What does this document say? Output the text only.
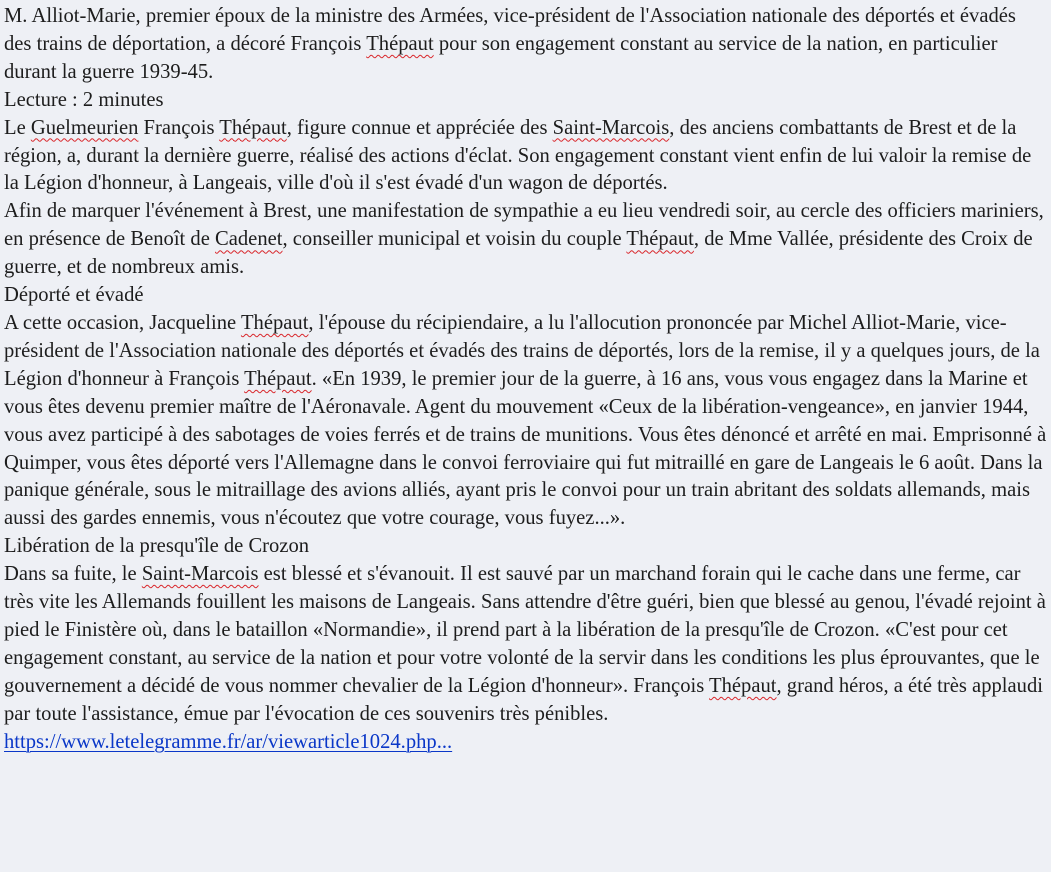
M. Alliot-Marie, premier époux de la ministre des Armées, vice-président de l'Association nationale des déportés et évadés des trains de déportation, a décoré François Thépaut pour son engagement constant au service de la nation, en particulier durant la guerre 1939-45.

Lecture : 2 minutes

Le Guelmeurien François Thépaut, figure connue et appréciée des Saint-Marcois, des anciens combattants de Brest et de la région, a, durant la dernière guerre, réalisé des actions d'éclat. Son engagement constant vient enfin de lui valoir la remise de la Légion d'honneur, à Langeais, ville d'où il s'est évadé d'un wagon de déportés.

Afin de marquer l'événement à Brest, une manifestation de sympathie a eu lieu vendredi soir, au cercle des officiers mariniers, en présence de Benoît de Cadenet, conseiller municipal et voisin du couple Thépaut, de Mme Vallée, présidente des Croix de guerre, et de nombreux amis.

Déporté et évadé

A cette occasion, Jacqueline Thépaut, l'épouse du récipiendaire, a lu l'allocution prononcée par Michel Alliot-Marie, vice-président de l'Association nationale des déportés et évadés des trains de déportés, lors de la remise, il y a quelques jours, de la Légion d'honneur à François Thépaut. «En 1939, le premier jour de la guerre, à 16 ans, vous vous engagez dans la Marine et vous êtes devenu premier maître de l'Aéronavale. Agent du mouvement «Ceux de la libération-vengeance», en janvier 1944, vous avez participé à des sabotages de voies ferrés et de trains de munitions. Vous êtes dénoncé et arrêté en mai. Emprisonné à Quimper, vous êtes déporté vers l'Allemagne dans le convoi ferroviaire qui fut mitraillé en gare de Langeais le 6 août. Dans la panique générale, sous le mitraillage des avions alliés, ayant pris le convoi pour un train abritant des soldats allemands, mais aussi des gardes ennemis, vous n'écoutez que votre courage, vous fuyez...».

Libération de la presqu'île de Crozon

Dans sa fuite, le Saint-Marcois est blessé et s'évanouit. Il est sauvé par un marchand forain qui le cache dans une ferme, car très vite les Allemands fouillent les maisons de Langeais. Sans attendre d'être guéri, bien que blessé au genou, l'évadé rejoint à pied le Finistère où, dans le bataillon «Normandie», il prend part à la libération de la presqu'île de Crozon. «C'est pour cet engagement constant, au service de la nation et pour votre volonté de la servir dans les conditions les plus éprouvantes, que le gouvernement a décidé de vous nommer chevalier de la Légion d'honneur». François Thépaut, grand héros, a été très applaudi par toute l'assistance, émue par l'évocation de ces souvenirs très pénibles.

https://www.letelegramme.fr/ar/viewarticle1024.php...
